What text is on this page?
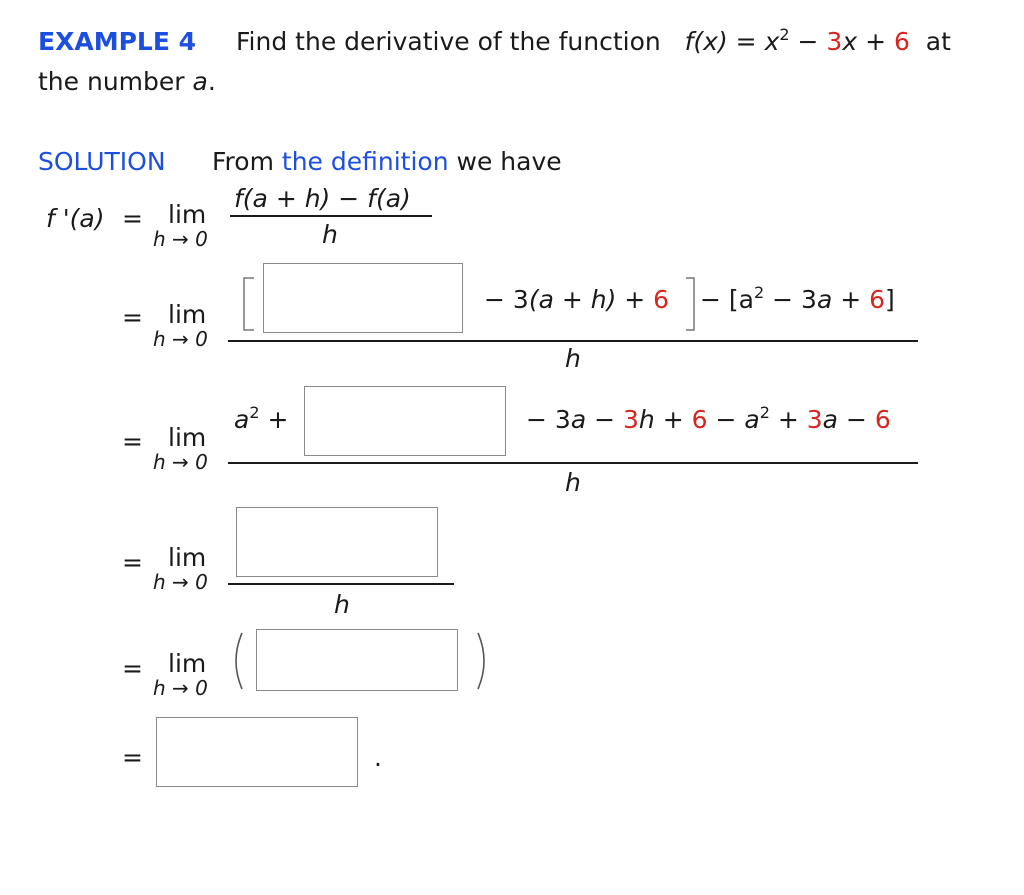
EXAMPLE 4 Find the derivative of the function $f(x) = x^2 - 3x + 6$ at
the number a.
SOLUTION From the definition we have
f '(a) = lim
h → 0
f(a + h) − f(a)
h
= lim
h → 0
− $3(a + h) + 6 - [a^2 - 3a + 6]$
h
= lim
h → 0
$a^2$ +	− $3a - 3h + 6 - a^2 + 3a - 6$
h
= lim
h → 0
h
= lim
h → 0
=	.
